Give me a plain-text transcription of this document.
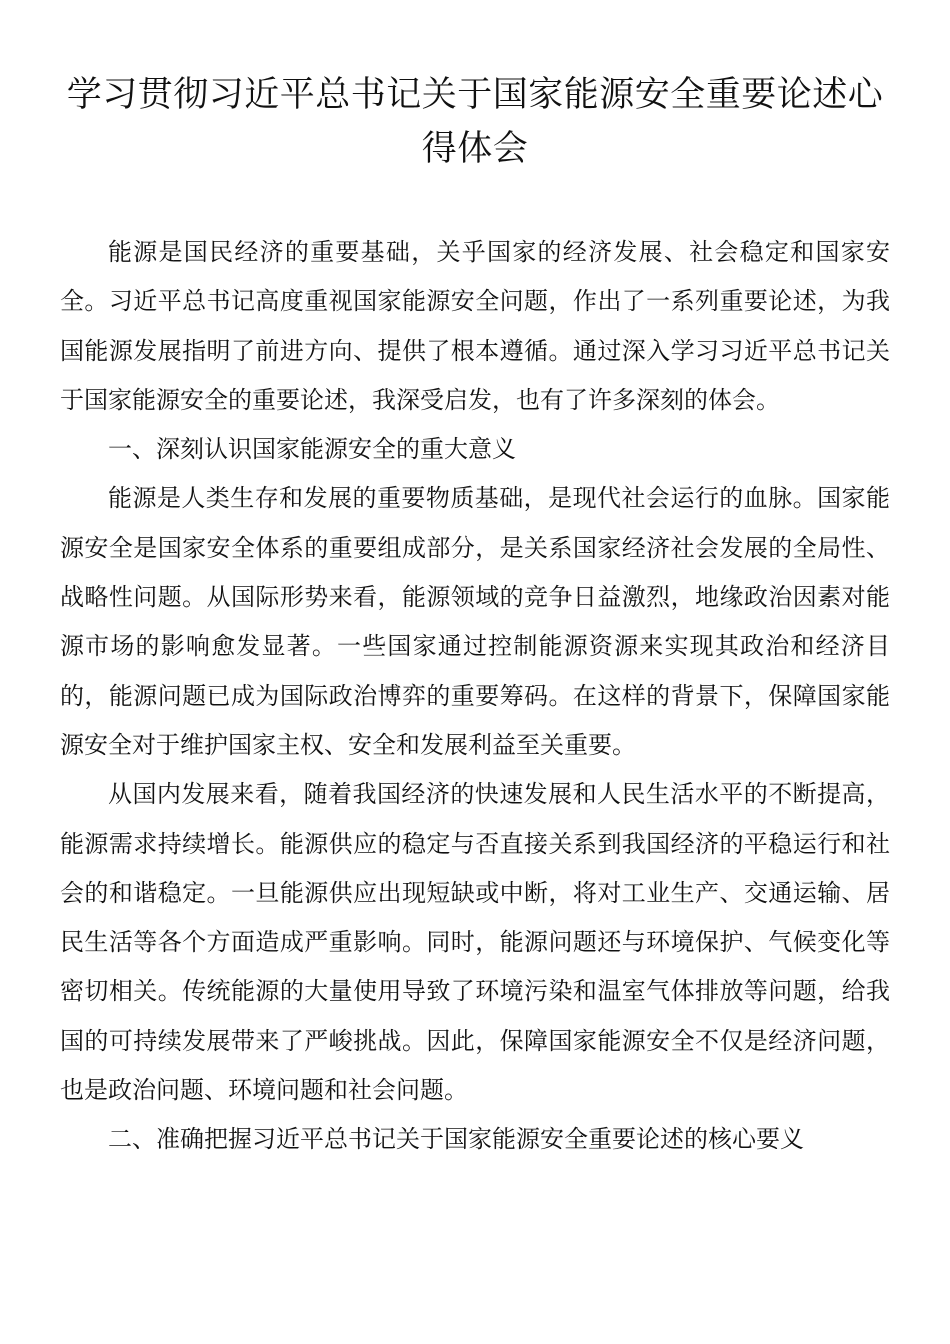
学习贯彻习近平总书记关于国家能源安全重要论述心得体会

能源是国民经济的重要基础，关乎国家的经济发展、社会稳定和国家安全。习近平总书记高度重视国家能源安全问题，作出了一系列重要论述，为我国能源发展指明了前进方向、提供了根本遵循。通过深入学习习近平总书记关于国家能源安全的重要论述，我深受启发，也有了许多深刻的体会。

一、深刻认识国家能源安全的重大意义

能源是人类生存和发展的重要物质基础，是现代社会运行的血脉。国家能源安全是国家安全体系的重要组成部分，是关系国家经济社会发展的全局性、战略性问题。从国际形势来看，能源领域的竞争日益激烈，地缘政治因素对能源市场的影响愈发显著。一些国家通过控制能源资源来实现其政治和经济目的，能源问题已成为国际政治博弈的重要筹码。在这样的背景下，保障国家能源安全对于维护国家主权、安全和发展利益至关重要。

从国内发展来看，随着我国经济的快速发展和人民生活水平的不断提高，能源需求持续增长。能源供应的稳定与否直接关系到我国经济的平稳运行和社会的和谐稳定。一旦能源供应出现短缺或中断，将对工业生产、交通运输、居民生活等各个方面造成严重影响。同时，能源问题还与环境保护、气候变化等密切相关。传统能源的大量使用导致了环境污染和温室气体排放等问题，给我国的可持续发展带来了严峻挑战。因此，保障国家能源安全不仅是经济问题，也是政治问题、环境问题和社会问题。

二、准确把握习近平总书记关于国家能源安全重要论述的核心要义
